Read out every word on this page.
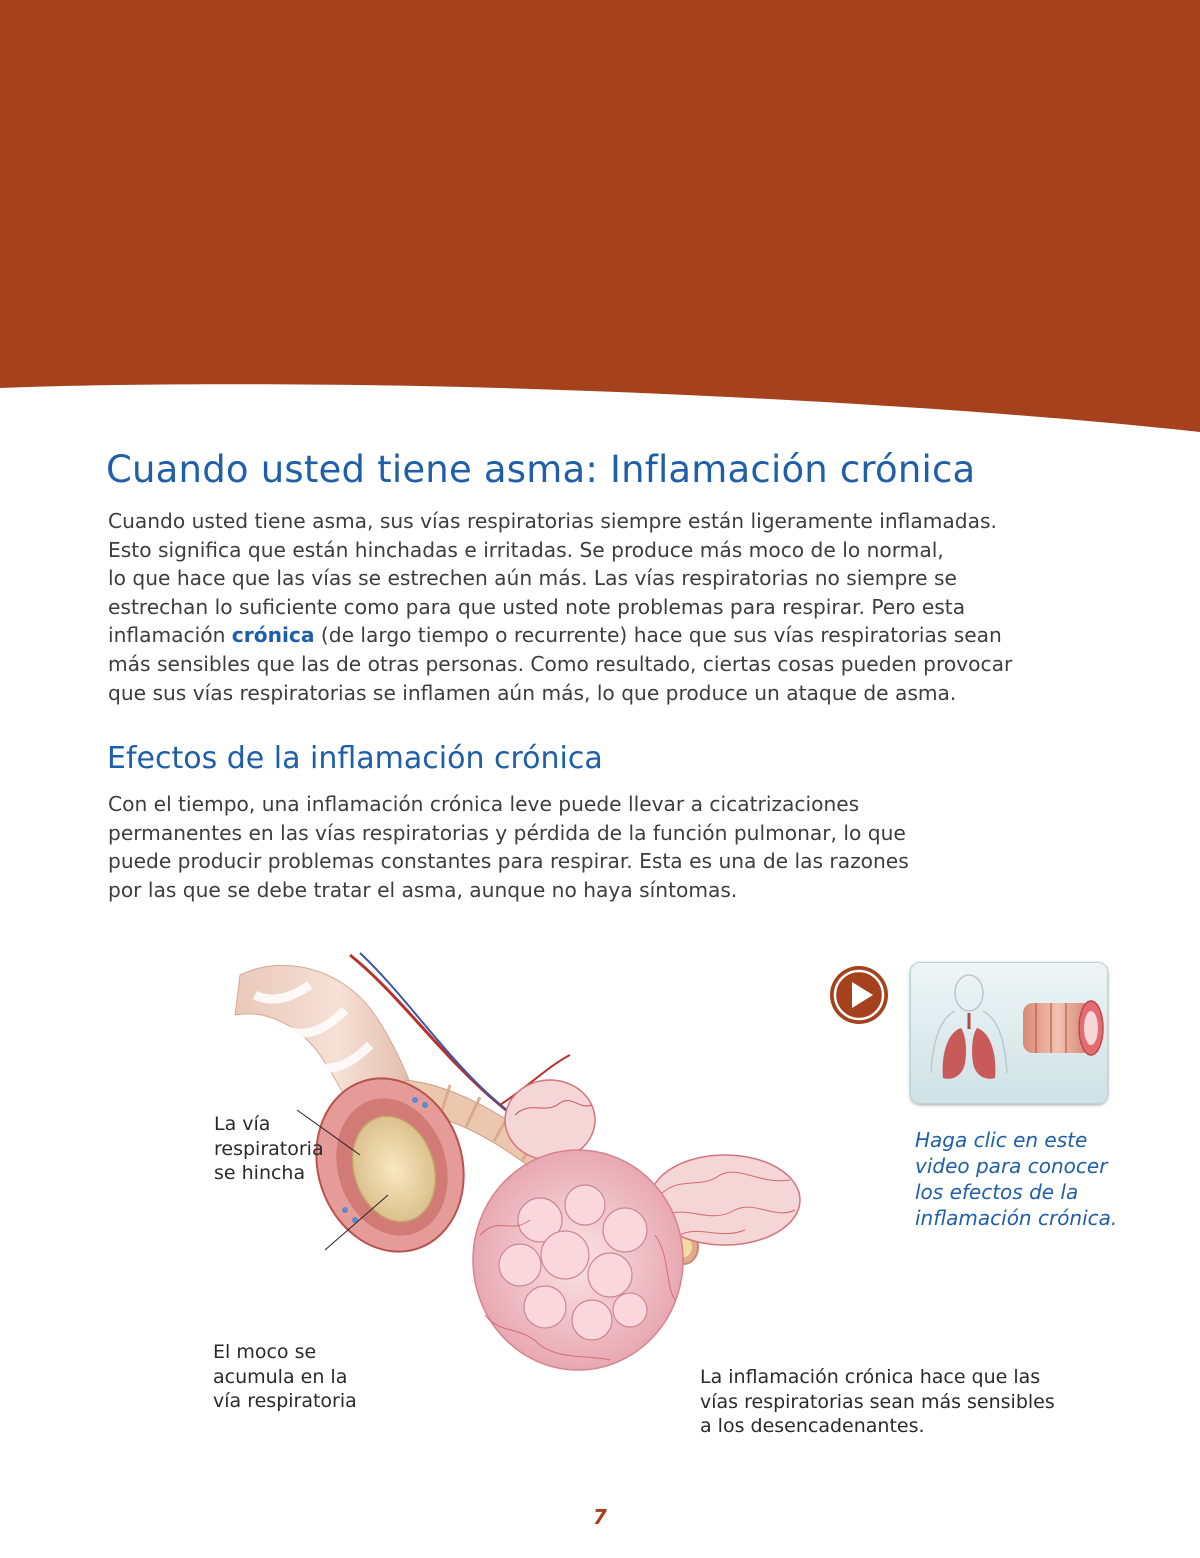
Cuando usted tiene asma: Inflamación crónica

Cuando usted tiene asma, sus vías respiratorias siempre están ligeramente inflamadas.
Esto significa que están hinchadas e irritadas. Se produce más moco de lo normal,
lo que hace que las vías se estrechen aún más. Las vías respiratorias no siempre se
estrechan lo suficiente como para que usted note problemas para respirar. Pero esta
inflamación crónica (de largo tiempo o recurrente) hace que sus vías respiratorias sean
más sensibles que las de otras personas. Como resultado, ciertas cosas pueden provocar
que sus vías respiratorias se inflamen aún más, lo que produce un ataque de asma.

Efectos de la inflamación crónica

Con el tiempo, una inflamación crónica leve puede llevar a cicatrizaciones
permanentes en las vías respiratorias y pérdida de la función pulmonar, lo que
puede producir problemas constantes para respirar. Esta es una de las razones
por las que se debe tratar el asma, aunque no haya síntomas.

La vía
respiratoria
se hincha
El moco se
acumula en la
vía respiratoria
La inflamación crónica hace que las
vías respiratorias sean más sensibles
a los desencadenantes.

Haga clic en este
video para conocer
los efectos de la
inflamación crónica.

7
